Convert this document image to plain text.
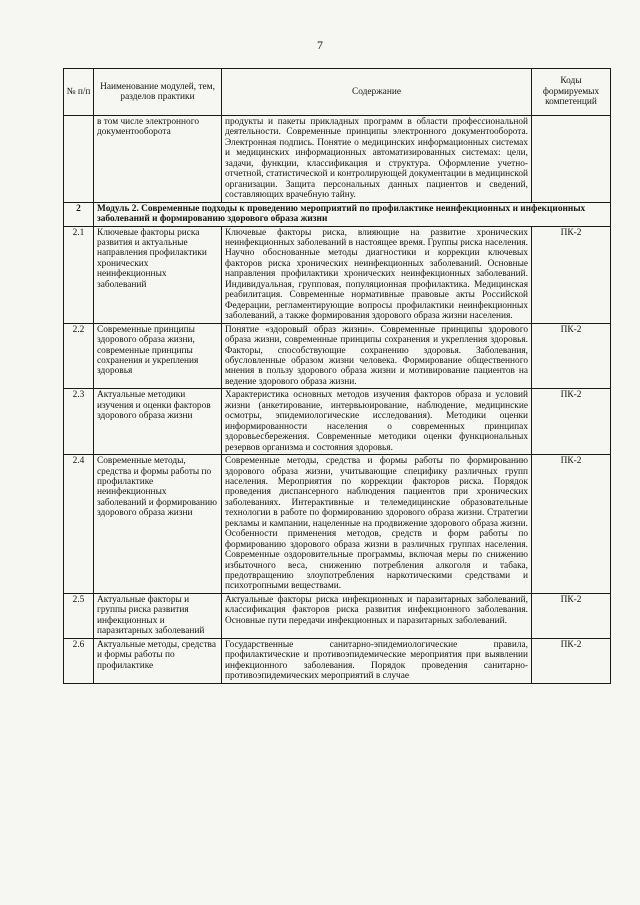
7
№ п/п	Наименование модулей, тем, разделов практики	Содержание	Коды формируемых компетенций
	в том числе электронного документооборота	продукты и пакеты прикладных программ в области профессиональной деятельности. Современные принципы электронного документооборота. Электронная подпись. Понятие о медицинских информационных системах и медицинских информационных автоматизированных системах: цели, задачи, функции, классификация и структура. Оформление учетно-отчетной, статистической и контролирующей документации в медицинской организации. Защита персональных данных пациентов и сведений, составляющих врачебную тайну.	
2	Модуль 2. Современные подходы к проведению мероприятий по профилактике неинфекционных и инфекционных заболеваний и формированию здорового образа жизни		
2.1	Ключевые факторы риска развития и актуальные направления профилактики хронических неинфекционных заболеваний	Ключевые факторы риска, влияющие на развитие хронических неинфекционных заболеваний в настоящее время. Группы риска населения. Научно обоснованные методы диагностики и коррекции ключевых факторов риска хронических неинфекционных заболеваний. Основные направления профилактики хронических неинфекционных заболеваний. Индивидуальная, групповая, популяционная профилактика. Медицинская реабилитация. Современные нормативные правовые акты Российской Федерации, регламентирующие вопросы профилактики неинфекционных заболеваний, а также формирования здорового образа жизни населения.	ПК-2
2.2	Современные принципы здорового образа жизни, современные принципы сохранения и укрепления здоровья	Понятие «здоровый образ жизни». Современные принципы здорового образа жизни, современные принципы сохранения и укрепления здоровья. Факторы, способствующие сохранению здоровья. Заболевания, обусловленные образом жизни человека. Формирование общественного мнения в пользу здорового образа жизни и мотивирование пациентов на ведение здорового образа жизни.	ПК-2
2.3	Актуальные методики изучения и оценки факторов здорового образа жизни	Характеристика основных методов изучения факторов образа и условий жизни (анкетирование, интервьюирование, наблюдение, медицинские осмотры, эпидемиологические исследования). Методики оценки информированности населения о современных принципах здоровьесбережения. Современные методики оценки функциональных резервов организма и состояния здоровья.	ПК-2
2.4	Современные методы, средства и формы работы по профилактике неинфекционных заболеваний и формированию здорового образа жизни	Современные методы, средства и формы работы по формированию здорового образа жизни, учитывающие специфику различных групп населения. Мероприятия по коррекции факторов риска. Порядок проведения диспансерного наблюдения пациентов при хронических заболеваниях. Интерактивные и телемедицинские образовательные технологии в работе по формированию здорового образа жизни. Стратегии рекламы и кампании, нацеленные на продвижение здорового образа жизни. Особенности применения методов, средств и форм работы по формированию здорового образа жизни в различных группах населения. Современные оздоровительные программы, включая меры по снижению избыточного веса, снижению потребления алкоголя и табака, предотвращению злоупотребления наркотическими средствами и психотропными веществами.	ПК-2
2.5	Актуальные факторы и группы риска развития инфекционных и паразитарных заболеваний	Актуальные факторы риска инфекционных и паразитарных заболеваний, классификация факторов риска развития инфекционного заболевания. Основные пути передачи инфекционных и паразитарных заболеваний.	ПК-2
2.6	Актуальные методы, средства и формы работы по профилактике	Государственные санитарно-эпидемиологические правила, профилактические и противоэпидемические мероприятия при выявлении инфекционного заболевания. Порядок проведения санитарно-противоэпидемических мероприятий в случае	ПК-2
